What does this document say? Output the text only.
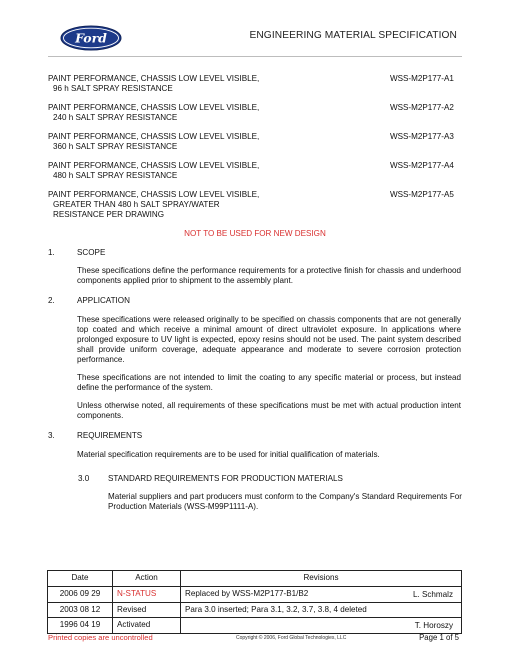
Ford	ENGINEERING MATERIAL SPECIFICATION
PAINT PERFORMANCE, CHASSIS LOW LEVEL VISIBLE,
96 h SALT SPRAY RESISTANCE
WSS-M2P177-A1
PAINT PERFORMANCE, CHASSIS LOW LEVEL VISIBLE,
240 h SALT SPRAY RESISTANCE
WSS-M2P177-A2
PAINT PERFORMANCE, CHASSIS LOW LEVEL VISIBLE,
360 h SALT SPRAY RESISTANCE
WSS-M2P177-A3
PAINT PERFORMANCE, CHASSIS LOW LEVEL VISIBLE,
480 h SALT SPRAY RESISTANCE
WSS-M2P177-A4
PAINT PERFORMANCE, CHASSIS LOW LEVEL VISIBLE,
GREATER THAN 480 h SALT SPRAY/WATER
RESISTANCE PER DRAWING
WSS-M2P177-A5
NOT TO BE USED FOR NEW DESIGN
1.	SCOPE
These specifications define the performance requirements for a protective finish for chassis and underhood components applied prior to shipment to the assembly plant.
2.	APPLICATION
These specifications were released originally to be specified on chassis components that are not generally top coated and which receive a minimal amount of direct ultraviolet exposure. In applications where prolonged exposure to UV light is expected, epoxy resins should not be used. The paint system described shall provide uniform coverage, adequate appearance and moderate to severe corrosion protection performance.
These specifications are not intended to limit the coating to any specific material or process, but instead define the performance of the system.
Unless otherwise noted, all requirements of these specifications must be met with actual production intent components.
3.	REQUIREMENTS
Material specification requirements are to be used for initial qualification of materials.
3.0 STANDARD REQUIREMENTS FOR PRODUCTION MATERIALS
Material suppliers and part producers must conform to the Company's Standard Requirements For Production Materials (WSS-M99P1111-A).
Date	Action	Revisions
2006 09 29	N-STATUS	Replaced by WSS-M2P177-B1/B2 L. Schmalz

2003 08 12	Revised	Para 3.0 inserted; Para 3.1, 3.2, 3.7, 3.8, 4 deleted

1996 04 19	Activated	T. Horoszy
Printed copies are uncontrolled	Copyright © 2006, Ford Global Technologies, LLC	Page 1 of 5
